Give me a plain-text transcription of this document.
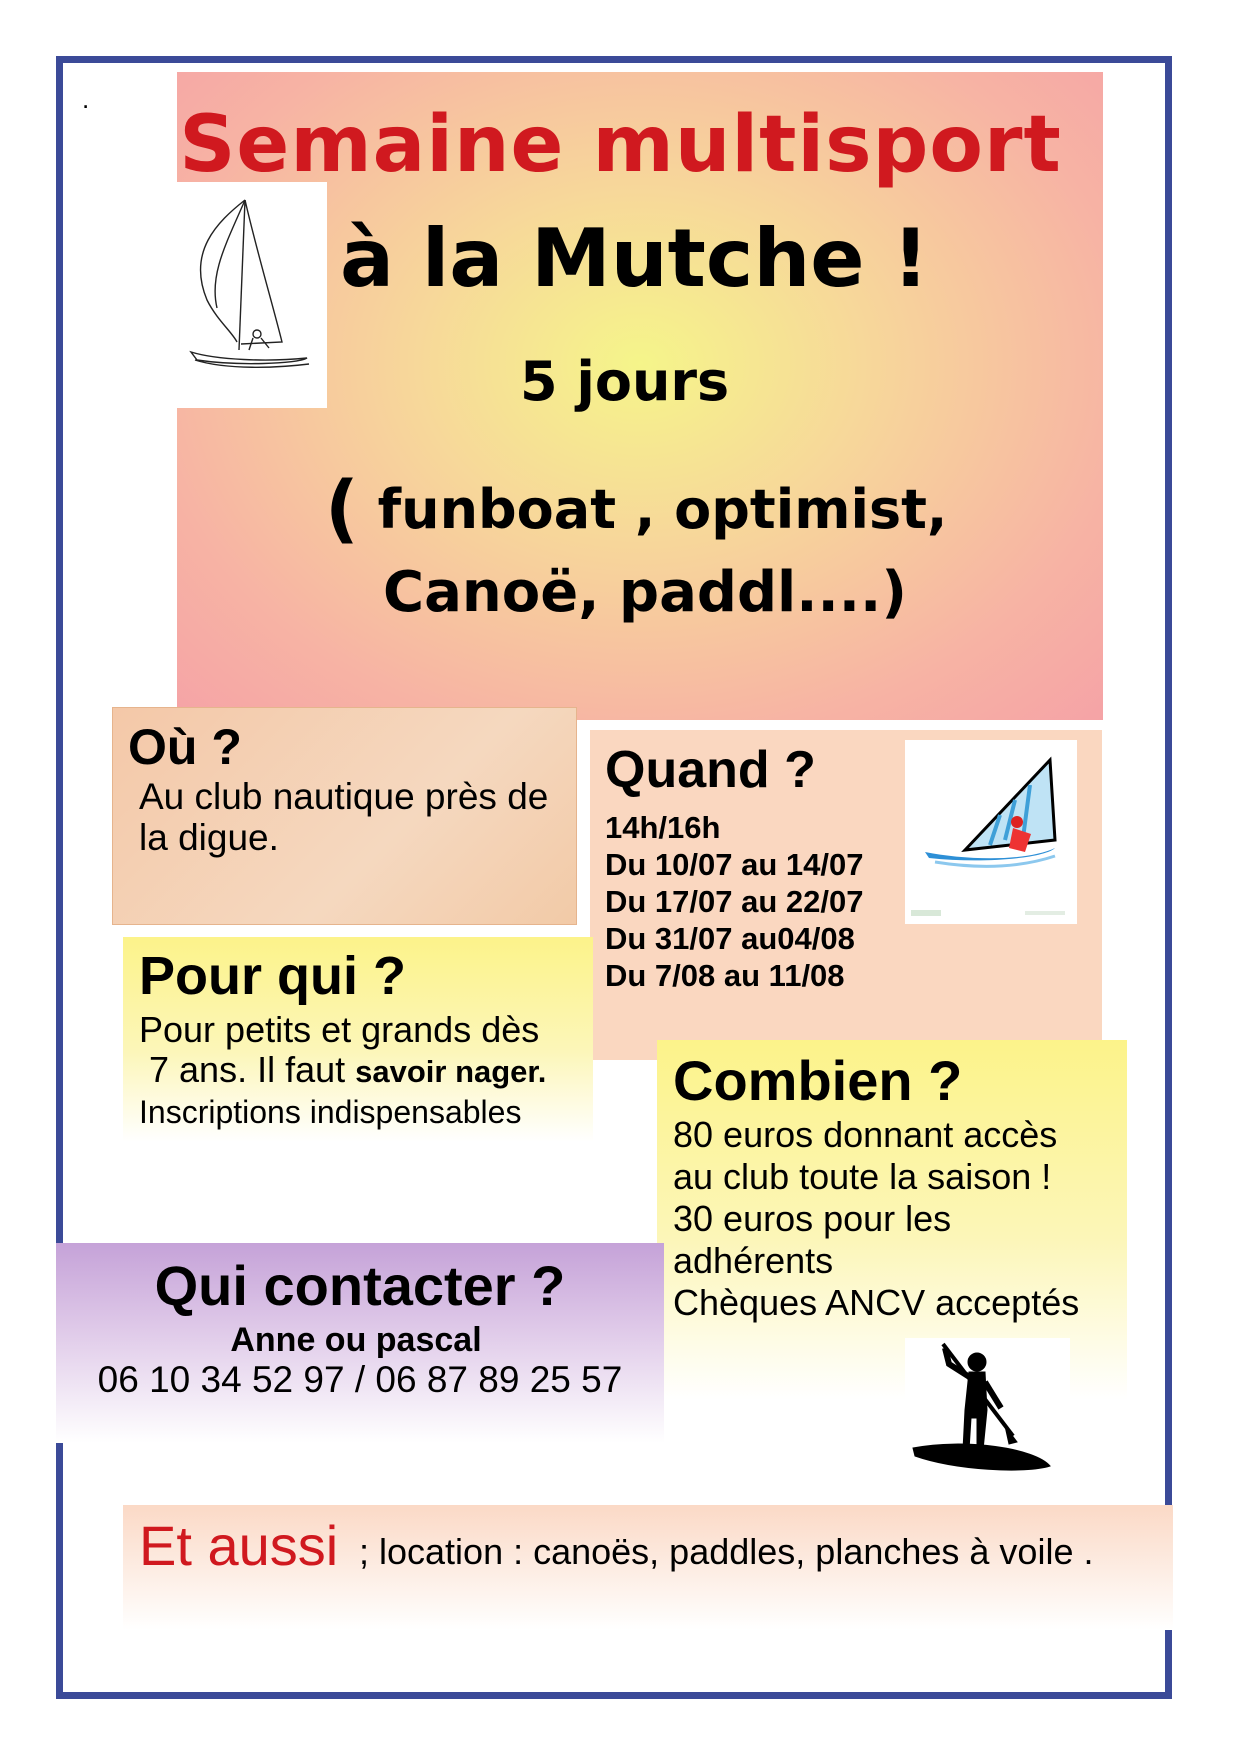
.
Semaine multisport
à la Mutche !
5 jours
( funboat , optimist,
Canoë, paddl....)
Où ?
Au club nautique près de la digue.
Quand ?
14h/16h
Du 10/07 au 14/07
Du 17/07 au 22/07
Du 31/07 au04/08
Du 7/08 au 11/08
Pour qui ?
Pour petits et grands dès
7 ans. Il faut savoir nager.
Inscriptions indispensables	Combien ?
80 euros donnant accès
au club toute la saison !
30 euros pour les
adhérents
Chèques ANCV acceptés
Qui contacter ?
Anne ou pascal
06 10 34 52 97 / 06 87 89 25 57
Et aussi ; location : canoës, paddles, planches à voile .
